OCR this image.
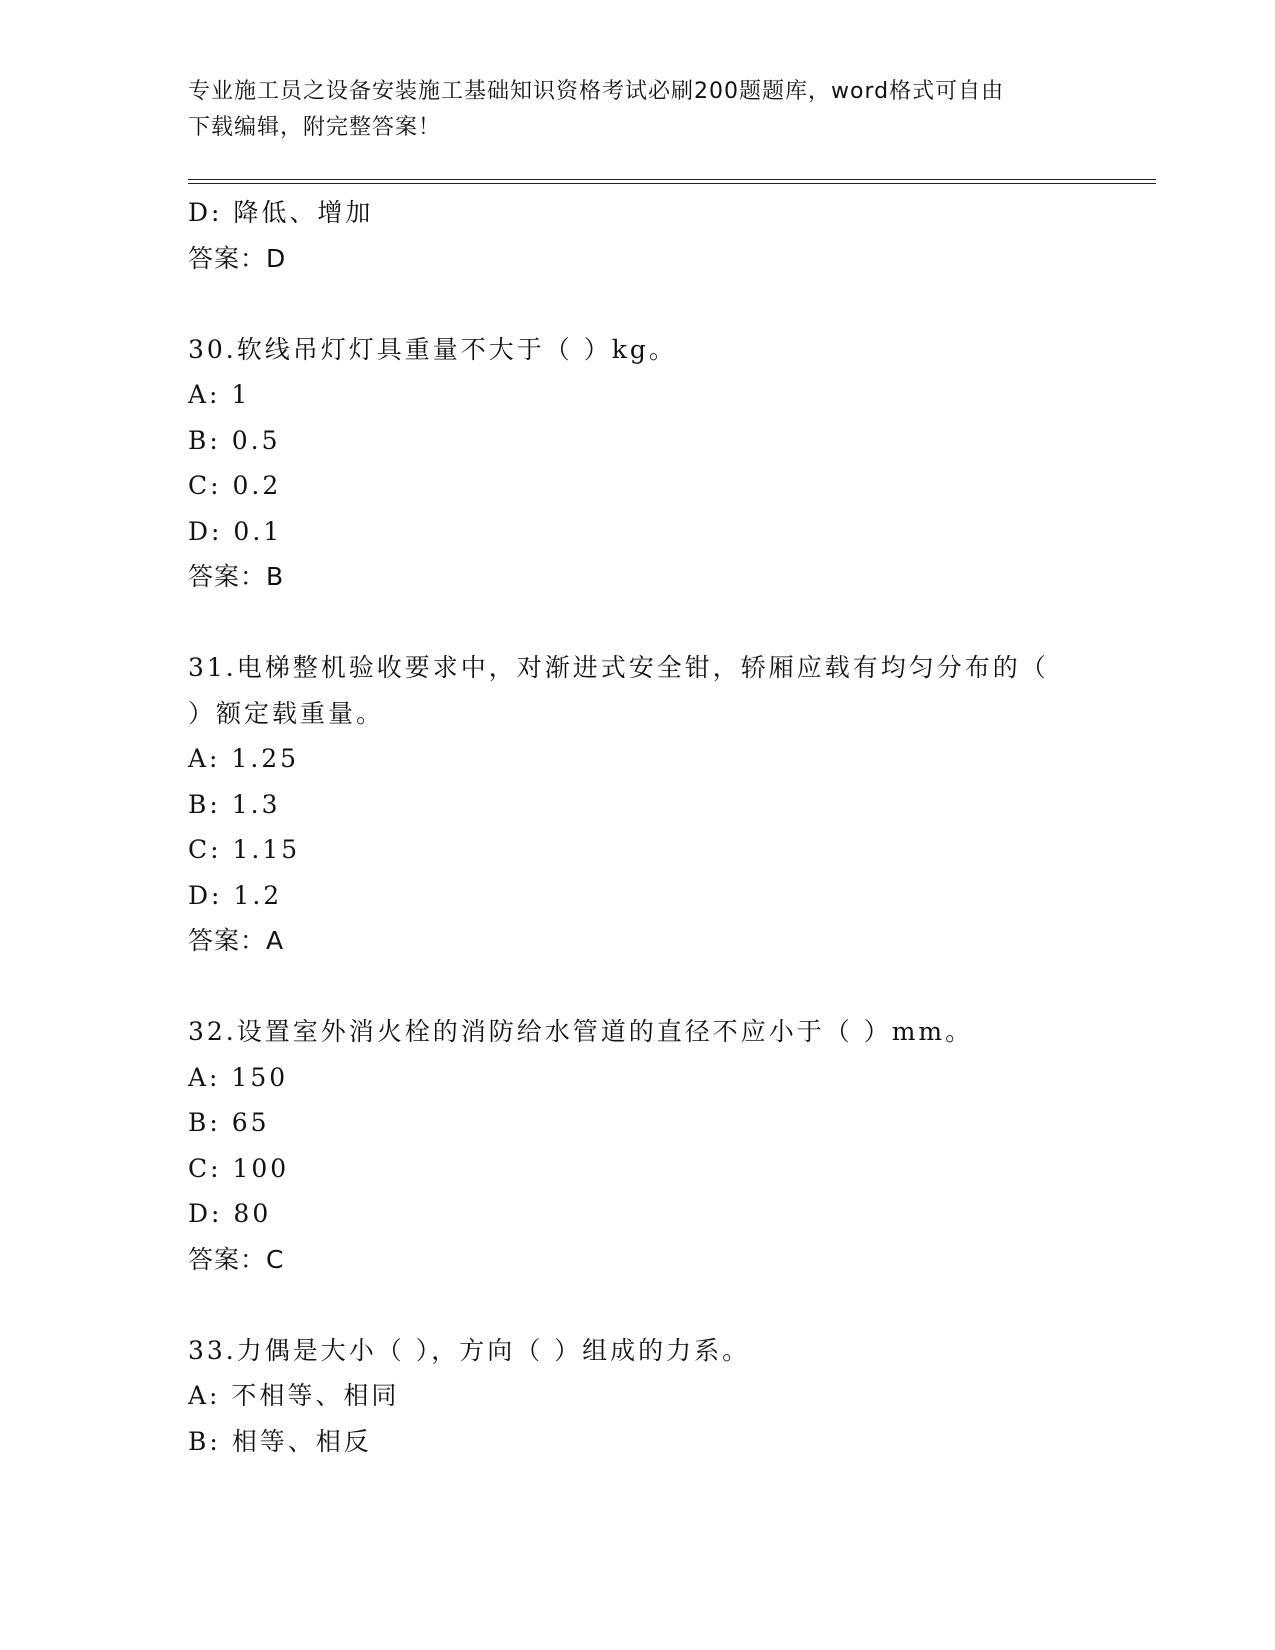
专业施工员之设备安装施工基础知识资格考试必刷200题题库，word格式可自由
下载编辑，附完整答案！
D: 降低、增加
答案：D
30.软线吊灯灯具重量不大于（ ）kg。
A: 1
B: 0.5
C: 0.2
D: 0.1
答案：B
31.电梯整机验收要求中，对渐进式安全钳，轿厢应载有均匀分布的（
）额定载重量。
A: 1.25
B: 1.3
C: 1.15
D: 1.2
答案：A
32.设置室外消火栓的消防给水管道的直径不应小于（ ）mm。
A: 150
B: 65
C: 100
D: 80
答案：C
33.力偶是大小（ ），方向（ ）组成的力系。
A: 不相等、相同
B: 相等、相反
